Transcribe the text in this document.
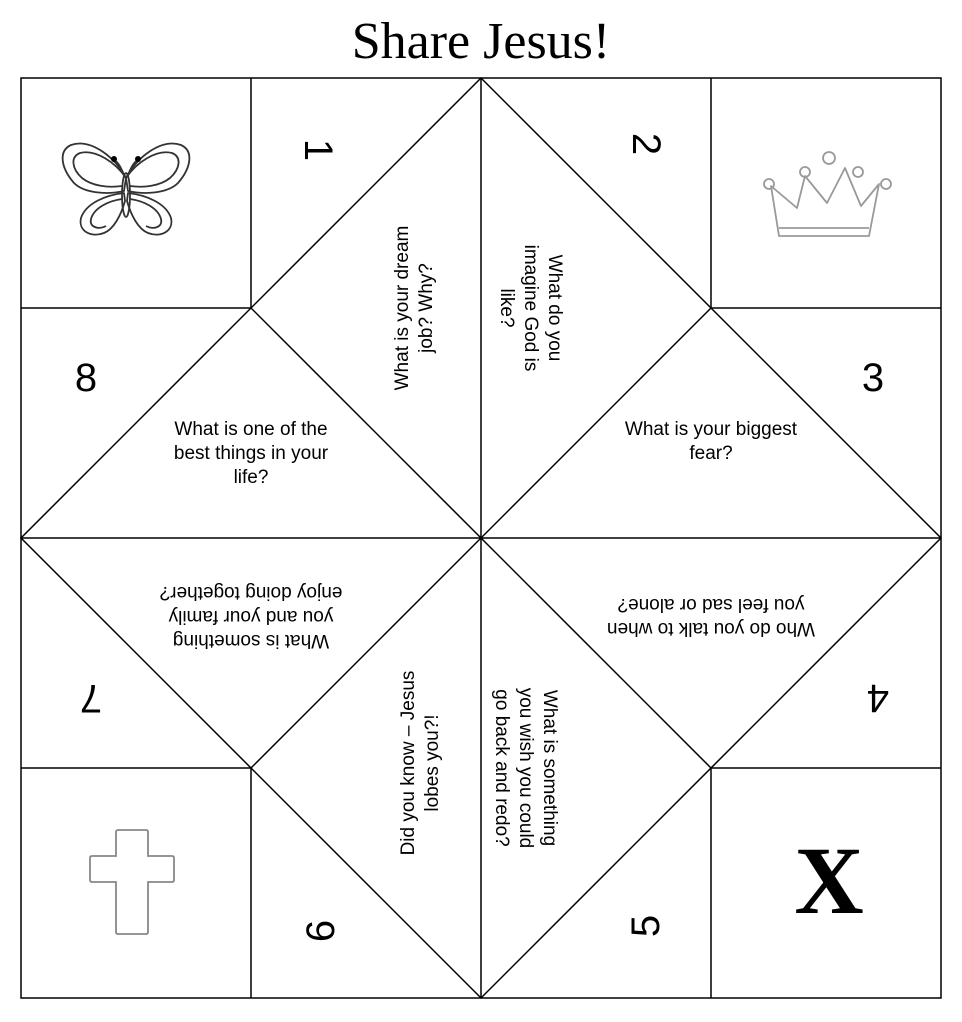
Share Jesus!
X
1	2
3
4
5
6
7
8	What is your dream job? Why?	What do you imagine God is like?
What is your biggest fear?
Who do you talk to when you feel sad or alone?
What is something you wish you could go back and redo?
Did you know – Jesus lobes you?!
What is something you and your family enjoy doing together?
What is one of the best things in your life?
